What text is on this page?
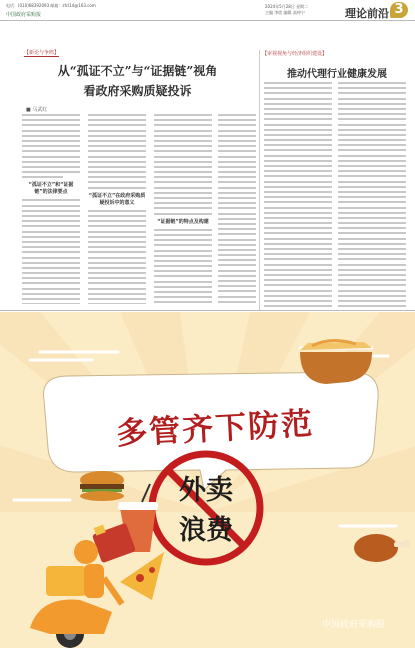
电话：(010)68392093 邮箱：zfcl14@163.com
中国政府采购报
2024年5月28日 星期二
主编 李欣 编辑 高仲宁	理论前沿 3
【新论与争鸣】
从“孤证不立”与“证据链”视角
看政府采购质疑投诉
■ 马武红
“孤证不立”和“证据链”的法律要点
“孤证不立”在政府采购质疑投诉中的意义
“证据链”的特点及构建
【审视视角与经济组织建设】
推动代理行业健康发展
多管齐下防范
外卖
浪费
中国政府采购报
